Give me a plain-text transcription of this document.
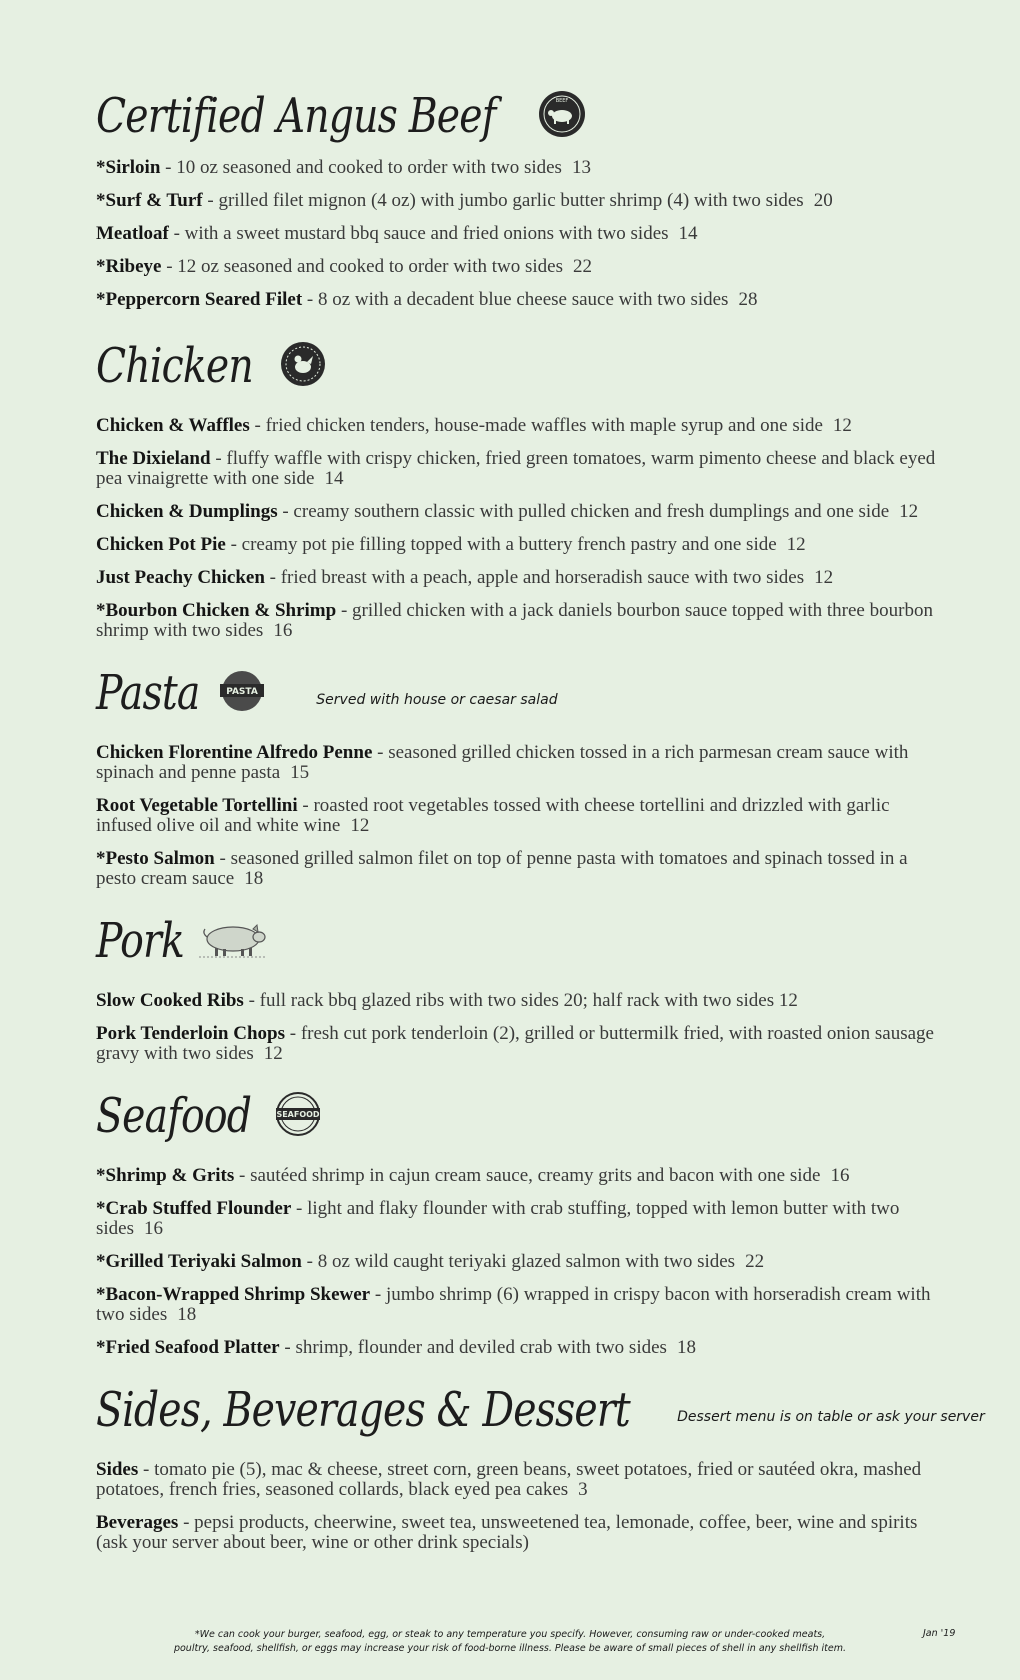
Certified Angus Beef	BEEF
*Sirloin - 10 oz seasoned and cooked to order with two sides 13
*Surf & Turf - grilled filet mignon (4 oz) with jumbo garlic butter shrimp (4) with two sides 20
Meatloaf - with a sweet mustard bbq sauce and fried onions with two sides 14
*Ribeye - 12 oz seasoned and cooked to order with two sides 22
*Peppercorn Seared Filet - 8 oz with a decadent blue cheese sauce with two sides 28
Chicken
Chicken & Waffles - fried chicken tenders, house-made waffles with maple syrup and one side 12
The Dixieland - fluffy waffle with crispy chicken, fried green tomatoes, warm pimento cheese and black eyed pea vinaigrette with one side 14
Chicken & Dumplings - creamy southern classic with pulled chicken and fresh dumplings and one side 12
Chicken Pot Pie - creamy pot pie filling topped with a buttery french pastry and one side 12
Just Peachy Chicken - fried breast with a peach, apple and horseradish sauce with two sides 12
*Bourbon Chicken & Shrimp - grilled chicken with a jack daniels bourbon sauce topped with three bourbon shrimp with two sides 16
Pasta	PASTA
Served with house or caesar salad
Chicken Florentine Alfredo Penne - seasoned grilled chicken tossed in a rich parmesan cream sauce with spinach and penne pasta 15
Root Vegetable Tortellini - roasted root vegetables tossed with cheese tortellini and drizzled with garlic infused olive oil and white wine 12
*Pesto Salmon - seasoned grilled salmon filet on top of penne pasta with tomatoes and spinach tossed in a pesto cream sauce 18
Pork
Slow Cooked Ribs - full rack bbq glazed ribs with two sides 20; half rack with two sides 12
Pork Tenderloin Chops - fresh cut pork tenderloin (2), grilled or buttermilk fried, with roasted onion sausage gravy with two sides 12
Seafood	SEAFOOD
*Shrimp & Grits - sautéed shrimp in cajun cream sauce, creamy grits and bacon with one side 16
*Crab Stuffed Flounder - light and flaky flounder with crab stuffing, topped with lemon butter with two sides 16
*Grilled Teriyaki Salmon - 8 oz wild caught teriyaki glazed salmon with two sides 22
*Bacon-Wrapped Shrimp Skewer - jumbo shrimp (6) wrapped in crispy bacon with horseradish cream with two sides 18
*Fried Seafood Platter - shrimp, flounder and deviled crab with two sides 18
Sides, Beverages & Dessert	Dessert menu is on table or ask your server
Sides - tomato pie (5), mac & cheese, street corn, green beans, sweet potatoes, fried or sautéed okra, mashed potatoes, french fries, seasoned collards, black eyed pea cakes 3
Beverages - pepsi products, cheerwine, sweet tea, unsweetened tea, lemonade, coffee, beer, wine and spirits (ask your server about beer, wine or other drink specials)
*We can cook your burger, seafood, egg, or steak to any temperature you specify. However, consuming raw or under-cooked meats,
poultry, seafood, shellfish, or eggs may increase your risk of food-borne illness. Please be aware of small pieces of shell in any shellfish item.
Jan '19
